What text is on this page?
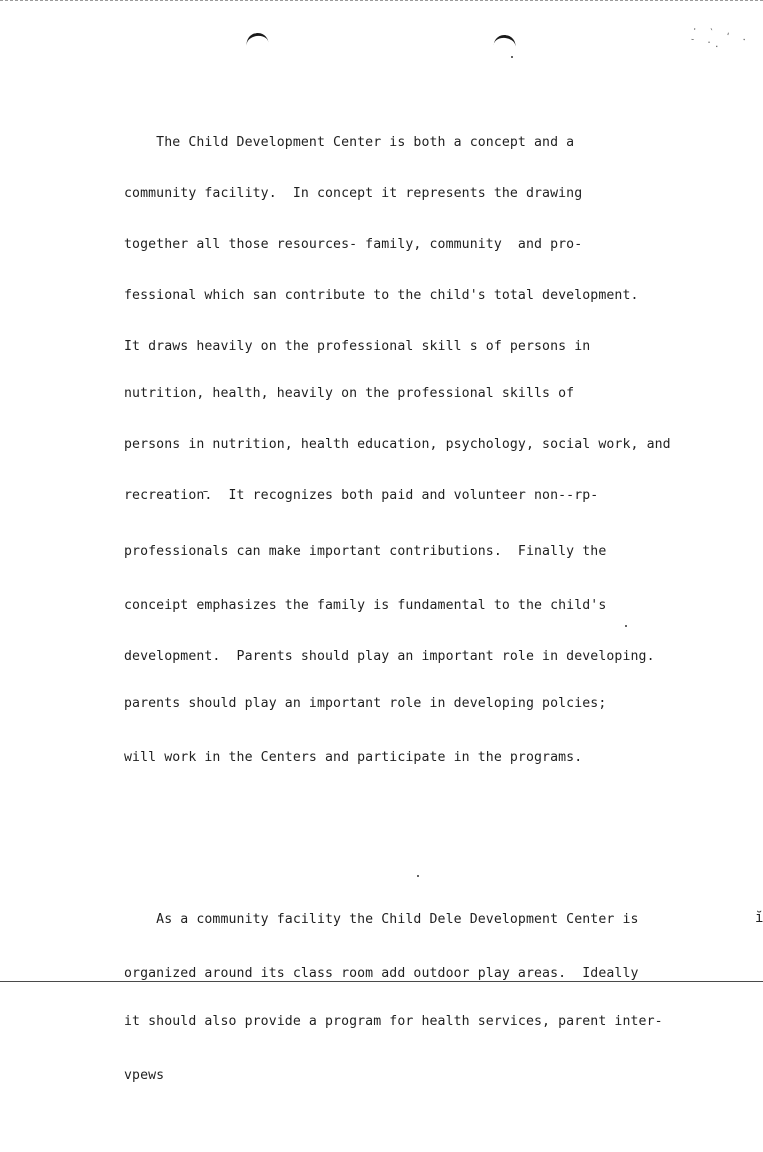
· ` ' · - ·.

The Child Development Center is both a concept and a

community facility.  In concept it represents the drawing

together all those resources- family, community  and pro-

fessional which san contribute to the child's total development.

It draws heavily on the professional skill s of persons in

nutrition, health, heavily on the professional skills of

persons in nutrition, health education, psychology, social work, and

recreation.  It recognizes both paid and volunteer non--rp-

professionals can make important contributions.  Finally the

conceipt emphasizes the family is fundamental to the child's

development.  Parents should play an important role in developing.

parents should play an important role in developing polcies;

will work in the Centers and participate in the programs.

As a community facility the Child Dele Development Center is

organized around its class room add outdoor play areas.  Ideally

it should also provide a program for health services, parent inter-

vpews

ĭ
